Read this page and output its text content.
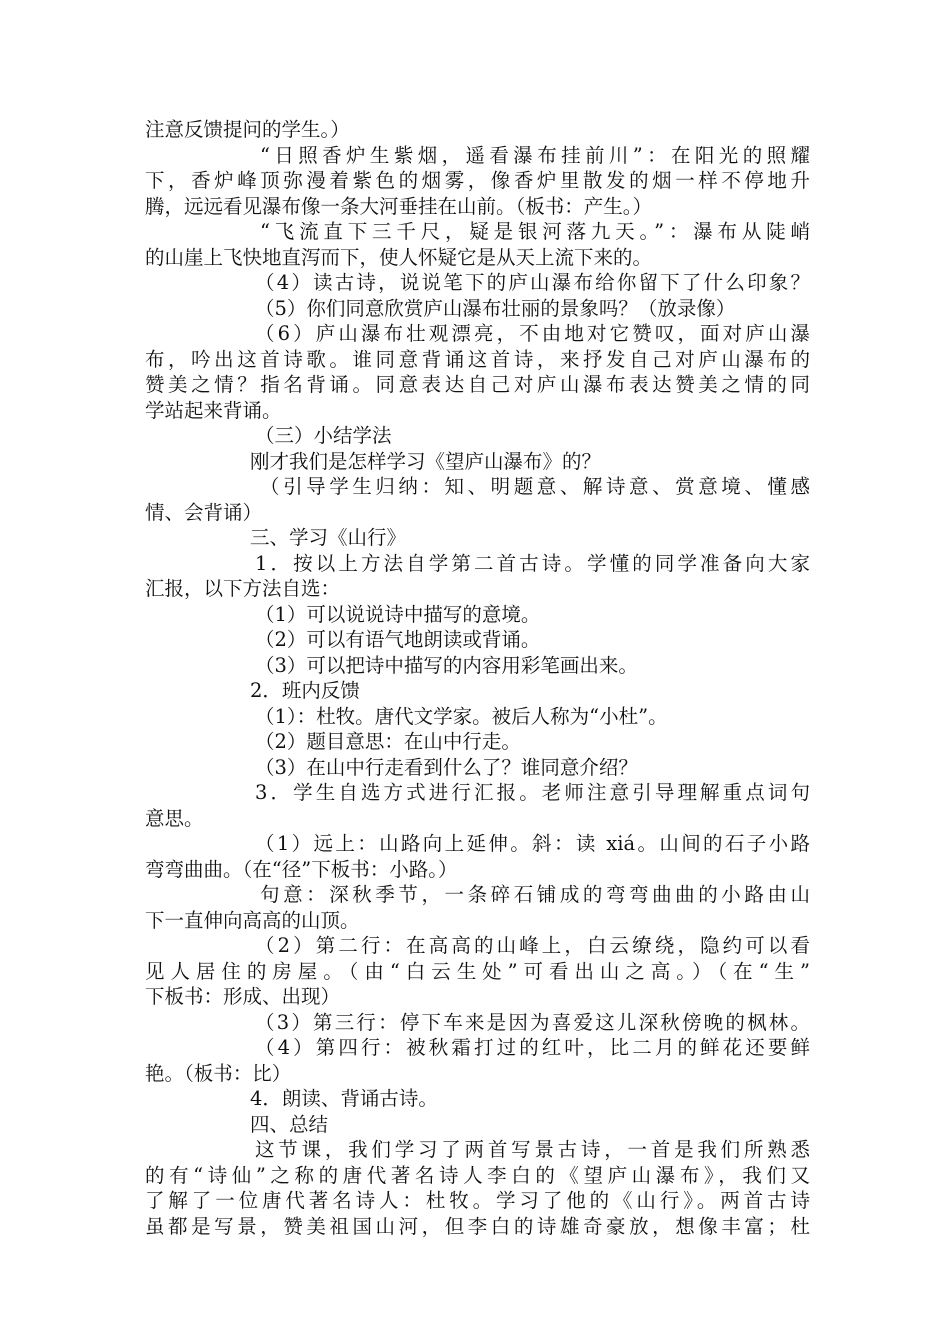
注意反馈提问的学生。）
“日照香炉生紫烟，遥看瀑布挂前川”：在阳光的照耀
下，香炉峰顶弥漫着紫色的烟雾，像香炉里散发的烟一样不停地升
腾，远远看见瀑布像一条大河垂挂在山前。（板书：产生。）
“飞流直下三千尺，疑是银河落九天。”：瀑布从陡峭
的山崖上飞快地直泻而下，使人怀疑它是从天上流下来的。
（4）读古诗，说说笔下的庐山瀑布给你留下了什么印象？
（5）你们同意欣赏庐山瀑布壮丽的景象吗？（放录像）
（6）庐山瀑布壮观漂亮，不由地对它赞叹，面对庐山瀑
布，吟出这首诗歌。谁同意背诵这首诗，来抒发自己对庐山瀑布的
赞美之情？指名背诵。同意表达自己对庐山瀑布表达赞美之情的同
学站起来背诵。
（三）小结学法
刚才我们是怎样学习《望庐山瀑布》的？
（引导学生归纳：知、明题意、解诗意、赏意境、懂感
情、会背诵）
三、学习《山行》
1．按以上方法自学第二首古诗。学懂的同学准备向大家
汇报，以下方法自选：
（1）可以说说诗中描写的意境。
（2）可以有语气地朗读或背诵。
（3）可以把诗中描写的内容用彩笔画出来。
2．班内反馈
（1）：杜牧。唐代文学家。被后人称为“小杜”。
（2）题目意思：在山中行走。
（3）在山中行走看到什么了？谁同意介绍？
3．学生自选方式进行汇报。老师注意引导理解重点词句
意思。
（1）远上：山路向上延伸。斜：读 xiá。山间的石子小路
弯弯曲曲。（在“径”下板书：小路。）
句意：深秋季节，一条碎石铺成的弯弯曲曲的小路由山
下一直伸向高高的山顶。
（2）第二行：在高高的山峰上，白云缭绕，隐约可以看
见人居住的房屋。（由“白云生处”可看出山之高。）（在“生”
下板书：形成、出现）
（3）第三行：停下车来是因为喜爱这儿深秋傍晚的枫林。
（4）第四行：被秋霜打过的红叶，比二月的鲜花还要鲜
艳。（板书：比）
4．朗读、背诵古诗。
四、总结
这节课，我们学习了两首写景古诗，一首是我们所熟悉
的有“诗仙”之称的唐代著名诗人李白的《望庐山瀑布》，我们又
了解了一位唐代著名诗人：杜牧。学习了他的《山行》。两首古诗
虽都是写景，赞美祖国山河，但李白的诗雄奇豪放，想像丰富；杜
